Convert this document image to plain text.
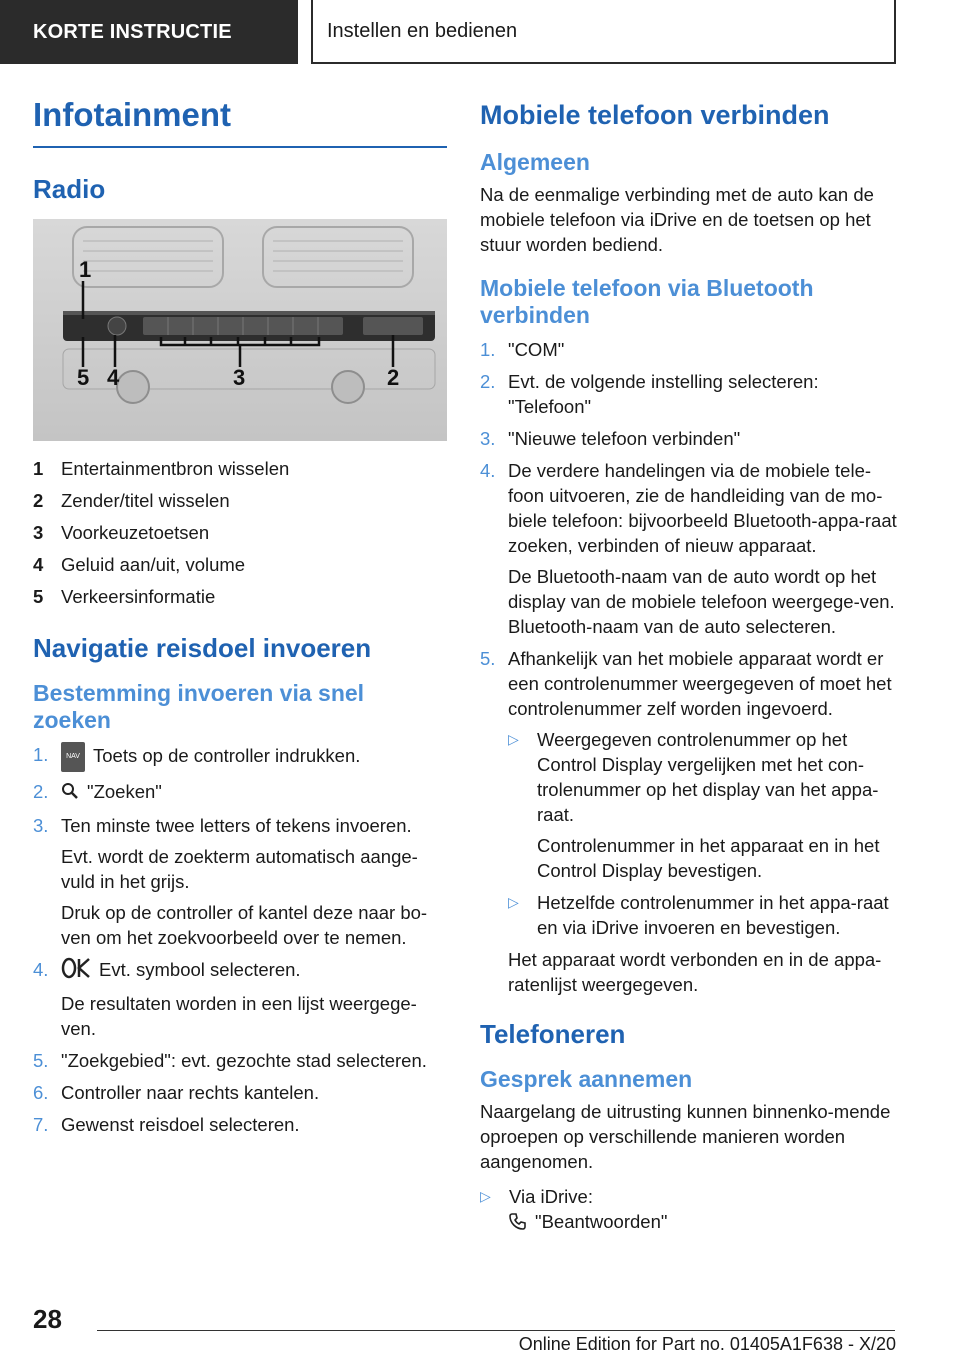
KORTE INSTRUCTIE	Instellen en bedienen
Infotainment
Radio
1
5 4	3	2
1 Entertainmentbron wisselen
2 Zender/titel wisselen
3 Voorkeuzetoetsen
4 Geluid aan/uit, volume
5 Verkeersinformatie
Navigatie reisdoel invoeren
Bestemming invoeren via snel zoeken
1.	NAV Toets op de controller indrukken.
2.	"Zoeken"
3. Ten minste twee letters of tekens invoeren.

Evt. wordt de zoekterm automatisch aange-vuld in het grijs.

Druk op de controller of kantel deze naar bo-ven om het zoekvoorbeeld over te nemen.

4.	Evt. symbool selecteren.

De resultaten worden in een lijst weergege-ven.

5. "Zoekgebied": evt. gezochte stad selecteren.
6. Controller naar rechts kantelen.
7. Gewenst reisdoel selecteren.
Mobiele telefoon verbinden
Algemeen

Na de eenmalige verbinding met de auto kan de mobiele telefoon via iDrive en de toetsen op het stuur worden bediend.

Mobiele telefoon via Bluetooth verbinden
1. "COM"
2. Evt. de volgende instelling selecteren: "Telefoon"
3. "Nieuwe telefoon verbinden"
4. De verdere handelingen via de mobiele tele-foon uitvoeren, zie de handleiding van de mo-biele telefoon: bijvoorbeeld Bluetooth-appa-raat zoeken, verbinden of nieuw apparaat.

De Bluetooth-naam van de auto wordt op het display van de mobiele telefoon weergege-ven. Bluetooth-naam van de auto selecteren.

5. Afhankelijk van het mobiele apparaat wordt er een controlenummer weergegeven of moet het controlenummer zelf worden ingevoerd.
▷ Weergegeven controlenummer op het Control Display vergelijken met het con-trolenummer op het display van het appa-raat.

Controlenummer in het apparaat en in het Control Display bevestigen.

▷ Hetzelfde controlenummer in het appa-raat en via iDrive invoeren en bevestigen.

Het apparaat wordt verbonden en in de appa-ratenlijst weergegeven.

Telefoneren
Gesprek aannemen

Naargelang de uitrusting kunnen binnenko-mende oproepen op verschillende manieren worden aangenomen.

▷ Via iDrive:
"Beantwoorden"
28
Online Edition for Part no. 01405A1F638 - X/20
